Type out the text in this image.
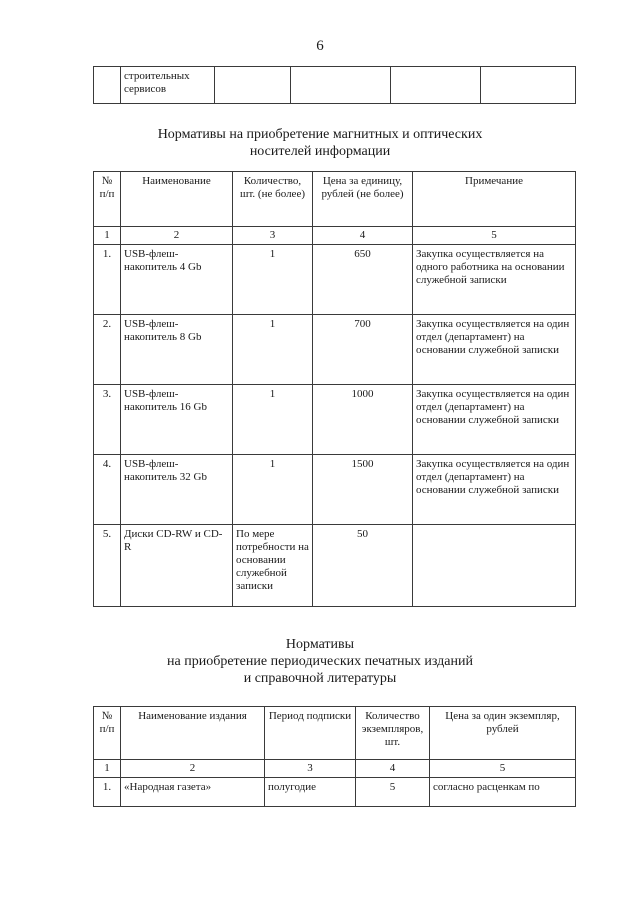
6
	строительных сервисов				
Нормативы на приобретение магнитных и оптических
носителей информации
№ п/п	Наименование	Количество, шт. (не более)	Цена за единицу, рублей (не более)	Примечание
1	2	3	4	5
1.	USB-флеш-накопитель 4 Gb	1	650	Закупка осуществляется на одного работника на основании служебной записки
2.	USB-флеш-накопитель 8 Gb	1	700	Закупка осуществляется на один отдел (департамент) на основании служебной записки
3.	USB-флеш-накопитель 16 Gb	1	1000	Закупка осуществляется на один отдел (департамент) на основании служебной записки
4.	USB-флеш-накопитель 32 Gb	1	1500	Закупка осуществляется на один отдел (департамент) на основании служебной записки
5.	Диски CD-RW и CD-R	По мере потребности на основании служебной записки	50	
Нормативы
на приобретение периодических печатных изданий
и справочной литературы
№ п/п	Наименование издания	Период подписки	Количество экземпляров, шт.	Цена за один экземпляр, рублей
1	2	3	4	5
1.	«Народная газета»	полугодие	5	согласно расценкам по
